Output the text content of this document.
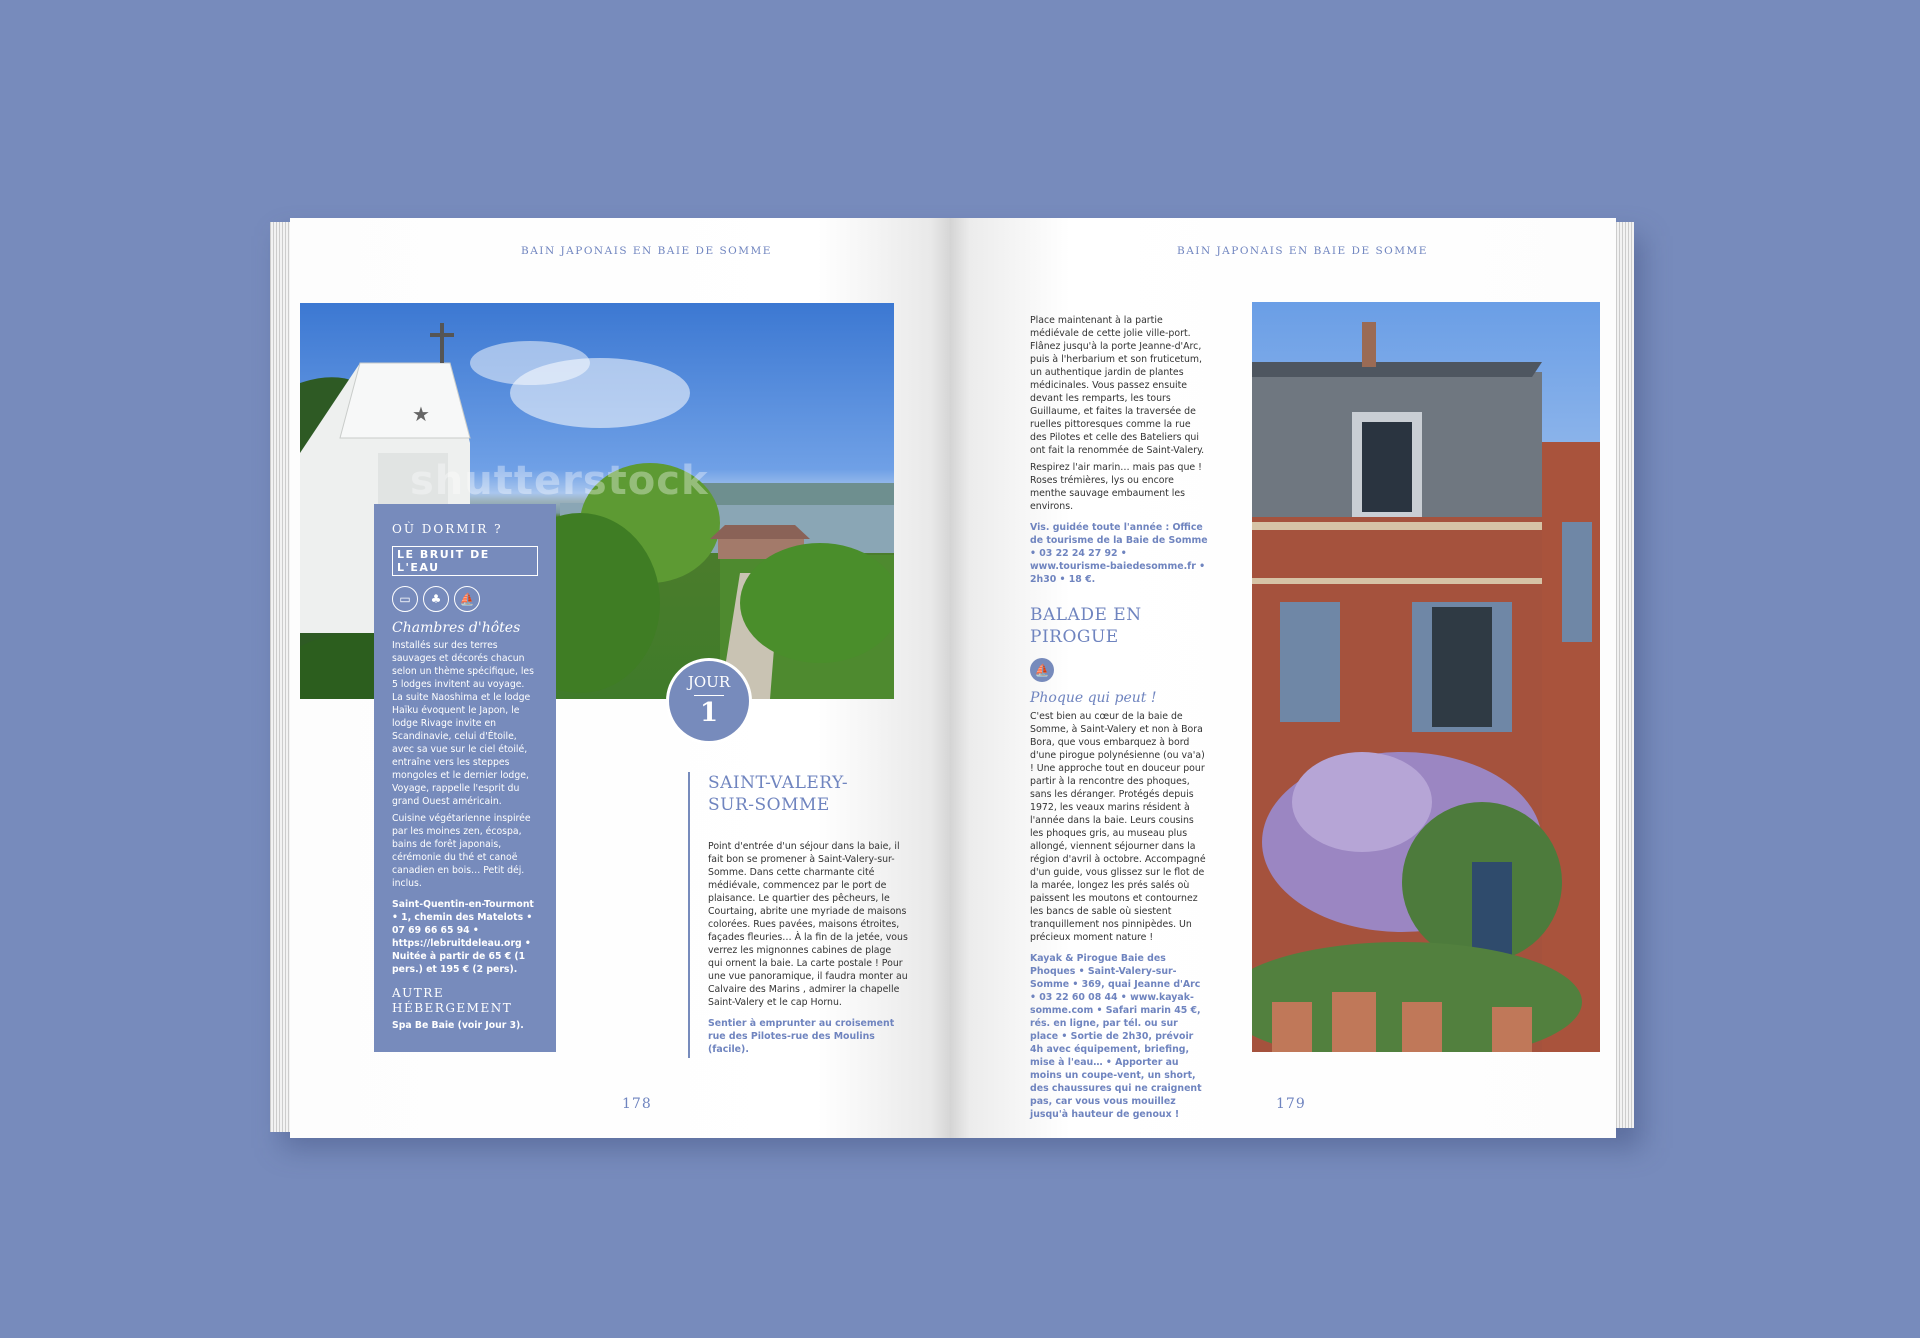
BAIN JAPONAIS EN BAIE DE SOMME	BAIN JAPONAIS EN BAIE DE SOMME
★
shutterstock
OÙ DORMIR ?
LE BRUIT DE L'EAU
▭	♣	⛵
Chambres d'hôtes

Installés sur des terres sauvages et décorés chacun selon un thème spécifique, les 5 lodges invitent au voyage. La suite Naoshima et le lodge Haïku évoquent le Japon, le lodge Rivage invite en Scandinavie, celui d'Étoile, avec sa vue sur le ciel étoilé, entraîne vers les steppes mongoles et le dernier lodge, Voyage, rappelle l'esprit du grand Ouest américain.

Cuisine végétarienne inspirée par les moines zen, écospa, bains de forêt japonais, cérémonie du thé et canoë canadien en bois… Petit déj. inclus.

Saint-Quentin-en-Tourmont • 1, chemin des Matelots • 07 69 66 65 94 • https://lebruitdeleau.org • Nuitée à partir de 65 € (1 pers.) et 195 € (2 pers).

AUTRE HÉBERGEMENT
Spa Be Baie (voir Jour 3).
JOUR
1
SAINT-VALERY-SUR-SOMME
Point d'entrée d'un séjour dans la baie, il fait bon se promener à Saint-Valery-sur-Somme. Dans cette charmante cité médiévale, commencez par le port de plaisance. Le quartier des pêcheurs, le Courtaing, abrite une myriade de maisons colorées. Rues pavées, maisons étroites, façades fleuries… À la fin de la jetée, vous verrez les mignonnes cabines de plage qui ornent la baie. La carte postale ! Pour une vue panoramique, il faudra monter au Calvaire des Marins , admirer la chapelle Saint-Valery et le cap Hornu.
Sentier à emprunter au croisement rue des Pilotes-rue des Moulins (facile).
Place maintenant à la partie médiévale de cette jolie ville-port. Flânez jusqu'à la porte Jeanne-d'Arc, puis à l'herbarium et son fruticetum, un authentique jardin de plantes médicinales. Vous passez ensuite devant les remparts, les tours Guillaume, et faites la traversée de ruelles pittoresques comme la rue des Pilotes et celle des Bateliers qui ont fait la renommée de Saint-Valery.
Respirez l'air marin… mais pas que ! Roses trémières, lys ou encore menthe sauvage embaument les environs.
Vis. guidée toute l'année : Office de tourisme de la Baie de Somme • 03 22 24 27 92 • www.tourisme-baiedesomme.fr • 2h30 • 18 €.
BALADE EN PIROGUE
⛵
Phoque qui peut !
C'est bien au cœur de la baie de Somme, à Saint-Valery et non à Bora Bora, que vous embarquez à bord d'une pirogue polynésienne (ou va'a) ! Une approche tout en douceur pour partir à la rencontre des phoques, sans les déranger. Protégés depuis 1972, les veaux marins résident à l'année dans la baie. Leurs cousins les phoques gris, au museau plus allongé, viennent séjourner dans la région d'avril à octobre. Accompagné d'un guide, vous glissez sur le flot de la marée, longez les prés salés où paissent les moutons et contournez les bancs de sable où siestent tranquillement nos pinnipèdes. Un précieux moment nature !
Kayak & Pirogue Baie des Phoques • Saint-Valery-sur-Somme • 369, quai Jeanne d'Arc • 03 22 60 08 44 • www.kayak-somme.com • Safari marin 45 €, rés. en ligne, par tél. ou sur place • Sortie de 2h30, prévoir 4h avec équipement, briefing, mise à l'eau… • Apporter au moins un coupe-vent, un short, des chaussures qui ne craignent pas, car vous vous mouillez jusqu'à hauteur de genoux !
178	179
